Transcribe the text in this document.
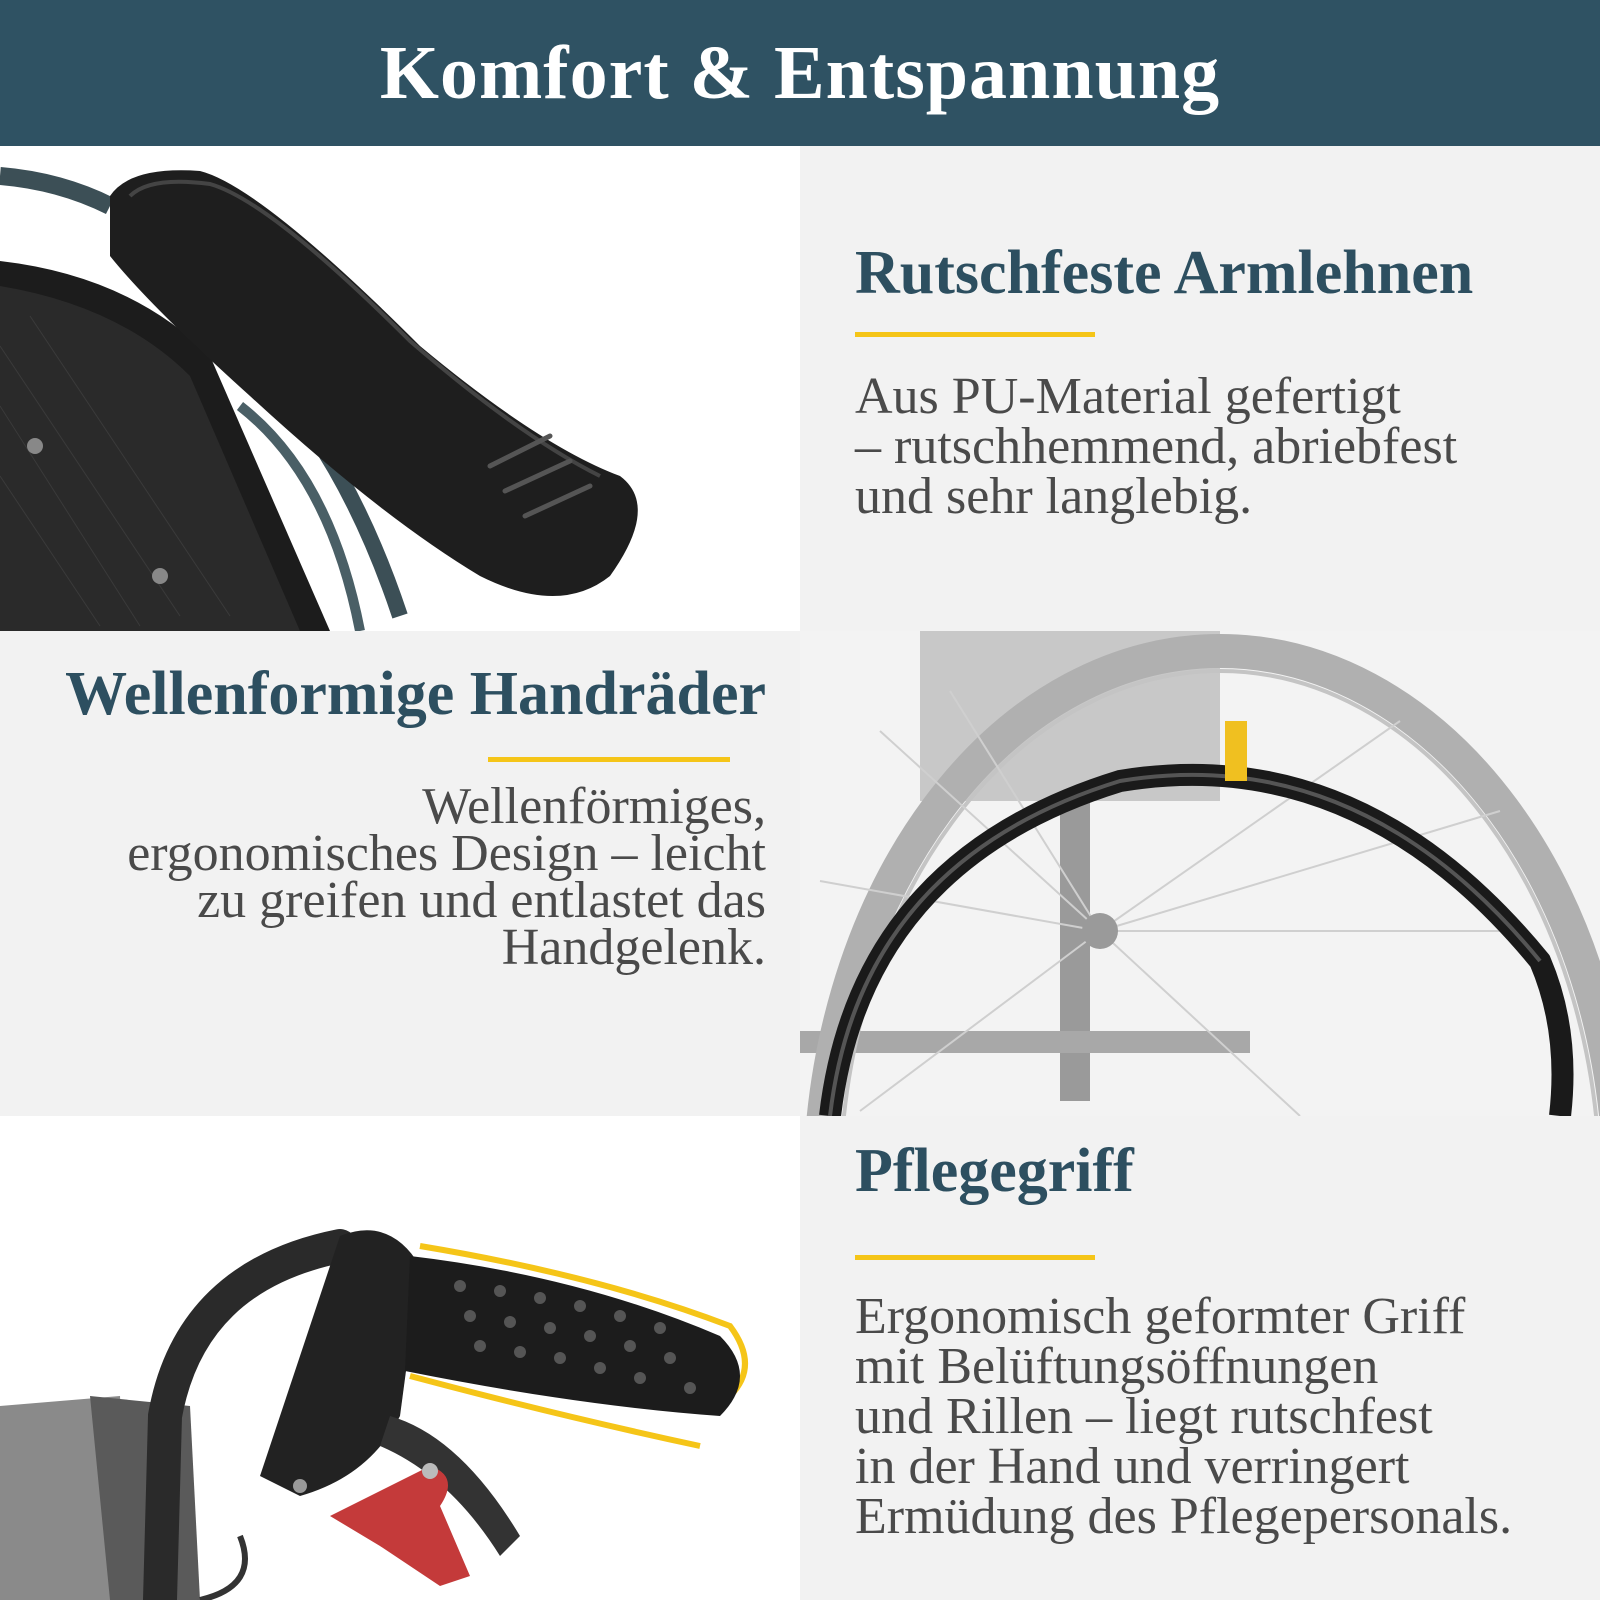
Komfort & Entspannung
Rutschfeste Armlehnen

Aus PU-Material gefertigt
– rutschhemmend, abriebfest
und sehr langlebig.

Wellenformige Handräder

Wellenförmiges,
ergonomisches Design – leicht
zu greifen und entlastet das
Handgelenk.

Pflegegriff

Ergonomisch geformter Griff
mit Belüftungsöffnungen
und Rillen – liegt rutschfest
in der Hand und verringert
Ermüdung des Pflegepersonals.
